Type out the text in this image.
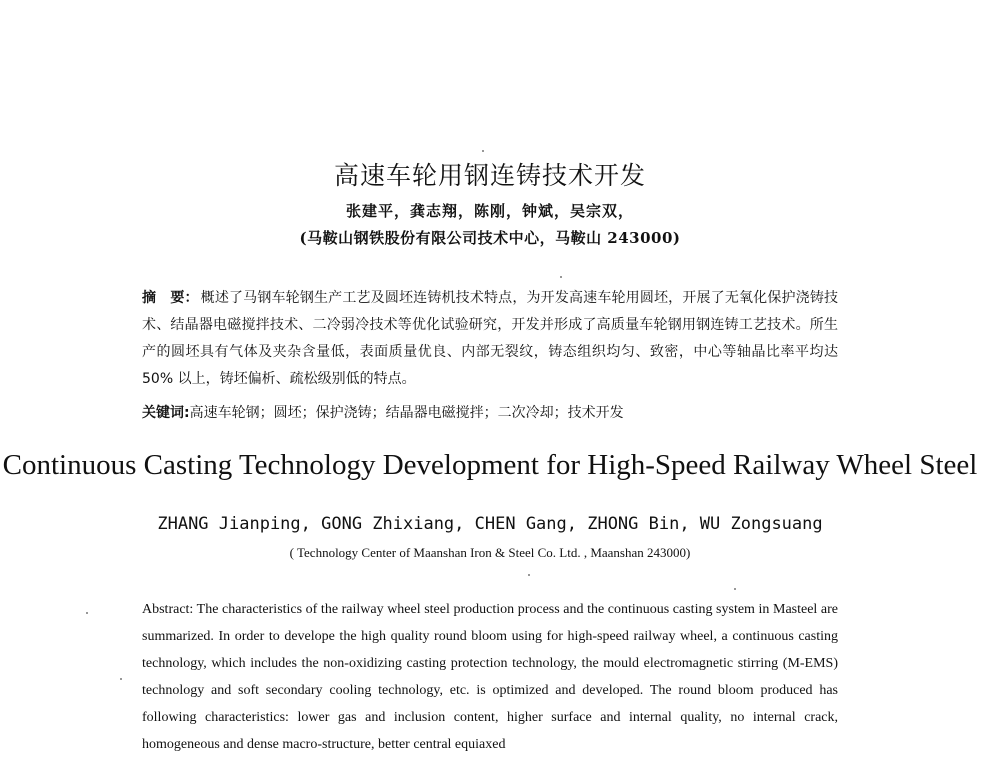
高速车轮用钢连铸技术开发
张建平，龚志翔，陈刚，钟斌，吴宗双，
(马鞍山钢铁股份有限公司技术中心，马鞍山 243000)
摘　要： 概述了马钢车轮钢生产工艺及圆坯连铸机技术特点，为开发高速车轮用圆坯，开展了无氧化保护浇铸技术、结晶器电磁搅拌技术、二冷弱冷技术等优化试验研究，开发并形成了高质量车轮钢用钢连铸工艺技术。所生产的圆坯具有气体及夹杂含量低，表面质量优良、内部无裂纹，铸态组织均匀、致密，中心等轴晶比率平均达 50% 以上，铸坯偏析、疏松级别低的特点。
关键词:高速车轮钢；圆坯；保护浇铸；结晶器电磁搅拌；二次冷却；技术开发
Continuous Casting Technology Development for High-Speed Railway Wheel Steel
ZHANG Jianping, GONG Zhixiang, CHEN Gang, ZHONG Bin, WU Zongsuang
( Technology Center of Maanshan Iron & Steel Co. Ltd. , Maanshan 243000)
Abstract: The characteristics of the railway wheel steel production process and the continuous casting system in Masteel are summarized. In order to develope the high quality round bloom using for high-speed railway wheel, a continuous casting technology, which includes the non-oxidizing casting protection technology, the mould electromagnetic stirring (M-EMS) technology and soft secondary cooling technology, etc. is optimized and developed. The round bloom produced has following characteristics: lower gas and inclusion content, higher surface and internal quality, no internal crack, homogeneous and dense macro-structure, better central equiaxed
